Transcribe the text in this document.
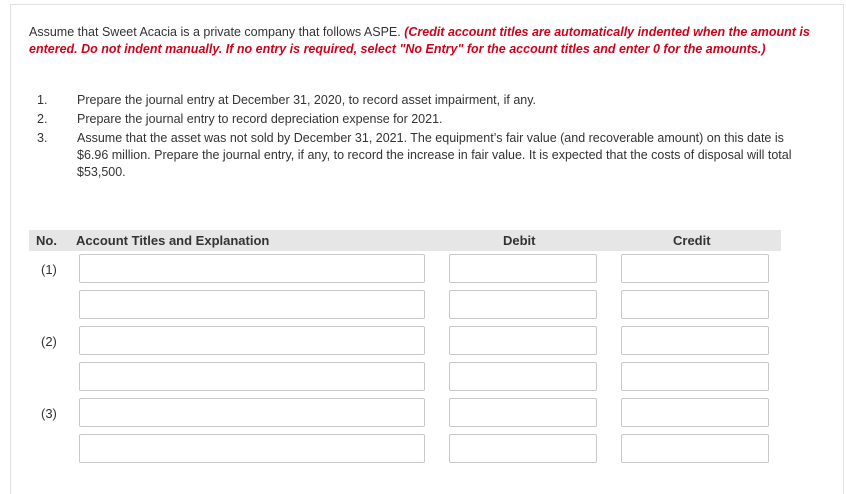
Assume that Sweet Acacia is a private company that follows ASPE. (Credit account titles are automatically indented when the amount is entered. Do not indent manually. If no entry is required, select "No Entry" for the account titles and enter 0 for the amounts.)
1. Prepare the journal entry at December 31, 2020, to record asset impairment, if any.
2. Prepare the journal entry to record depreciation expense for 2021.
3. Assume that the asset was not sold by December 31, 2021. The equipment’s fair value (and recoverable amount) on this date is $6.96 million. Prepare the journal entry, if any, to record the increase in fair value. It is expected that the costs of disposal will total $53,500.
No. Account Titles and Explanation	Debit	Credit
(1)
(2)
(3)
